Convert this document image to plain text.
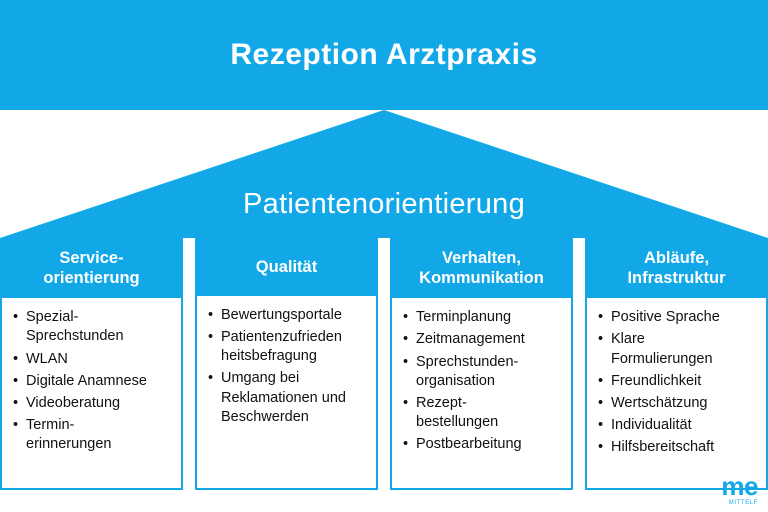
Rezeption Arztpraxis
Patientenorientierung
Service-
orientierung
• Spezial-
Sprechstunden
• WLAN
• Digitale Anamnese
• Videoberatung
• Termin-
erinnerungen
Qualität
• Bewertungsportale
• Patientenzufrieden
heitsbefragung
• Umgang bei
Reklamationen und
Beschwerden
Verhalten,
Kommunikation
• Terminplanung
• Zeitmanagement
• Sprechstunden-
organisation
• Rezept-
bestellungen
• Postbearbeitung
Abläufe,
Infrastruktur
• Positive Sprache
• Klare
Formulierungen
• Freundlichkeit
• Wertschätzung
• Individualität
• Hilfsbereitschaft
me
MITTELF
